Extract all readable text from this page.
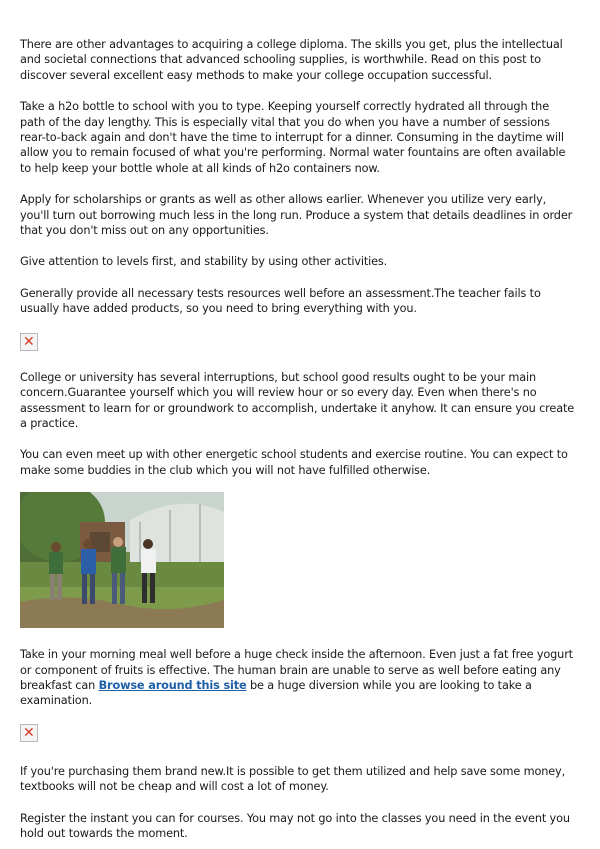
There are other advantages to acquiring a college diploma. The skills you get, plus the intellectual and societal connections that advanced schooling supplies, is worthwhile. Read on this post to discover several excellent easy methods to make your college occupation successful.

Take a h2o bottle to school with you to type. Keeping yourself correctly hydrated all through the path of the day lengthy. This is especially vital that you do when you have a number of sessions rear-to-back again and don't have the time to interrupt for a dinner. Consuming in the daytime will allow you to remain focused of what you're performing. Normal water fountains are often available to help keep your bottle whole at all kinds of h2o containers now.

Apply for scholarships or grants as well as other allows earlier. Whenever you utilize very early, you'll turn out borrowing much less in the long run. Produce a system that details deadlines in order that you don't miss out on any opportunities.

Give attention to levels first, and stability by using other activities.

Generally provide all necessary tests resources well before an assessment.The teacher fails to usually have added products, so you need to bring everything with you.

✕

College or university has several interruptions, but school good results ought to be your main concern.Guarantee yourself which you will review hour or so every day. Even when there's no assessment to learn for or groundwork to accomplish, undertake it anyhow. It can ensure you create a practice.

You can even meet up with other energetic school students and exercise routine. You can expect to make some buddies in the club which you will not have fulfilled otherwise.

Take in your morning meal well before a huge check inside the afternoon. Even just a fat free yogurt or component of fruits is effective. The human brain are unable to serve as well before eating any breakfast can Browse around this site be a huge diversion while you are looking to take a examination.

✕

If you're purchasing them brand new.It is possible to get them utilized and help save some money, textbooks will not be cheap and will cost a lot of money.

Register the instant you can for courses. You may not go into the classes you need in the event you hold out towards the moment.
